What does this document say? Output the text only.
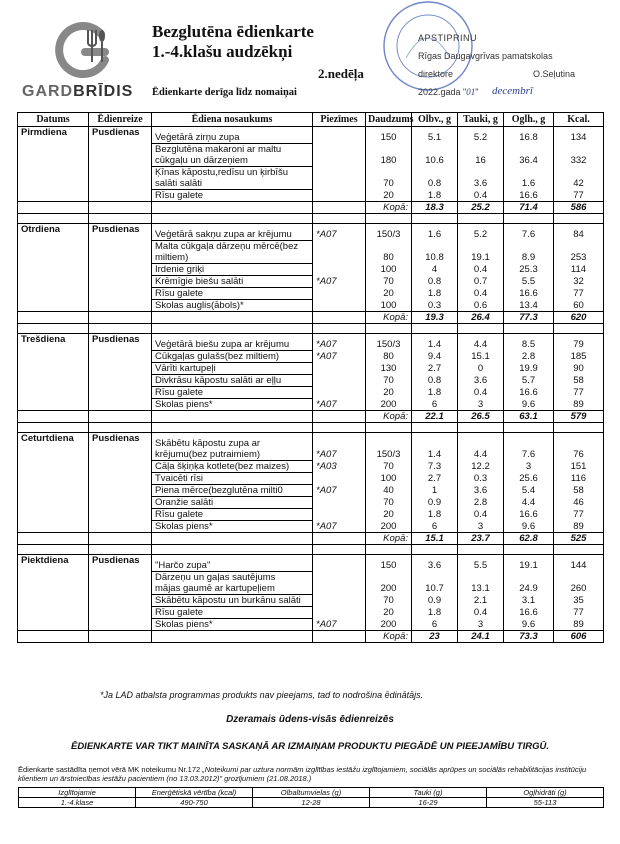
GARDBRĪDIS
Bezglutēna ēdienkarte
1.-4.klašu audzēkņi
2.nedēļa
Ēdienkarte derīga līdz nomaiņai
APSTIPRINU
Rīgas Daugavgrīvas pamatskolas
direktore	O.Seļutina
2022.gada "01" decembrī
Datums	Ēdienreize	Ēdiena nosaukums	Piezīmes	Daudzums	Olbv., g	Tauki, g	Oglh., g	Kcal.
Pirmdiena	Pusdienas	Veģetārā zirņu zupa		150	5.1	5.2	16.8	134

		Bezglutēna makaroni ar maltu
cūkgaļu un dārzeņiem		180	10.6	16	36.4	332

		Ķīnas kāpostu,redīsu un ķirbīšu
salāti salāti		70	0.8	3.6	1.6	42

		Rīsu galete		20	1.8	0.4	16.6	77

				Kopā:	18.3	25.2	71.4	586

Otrdiena	Pusdienas	Veģetārā sakņu zupa ar krējumu	*A07	150/3	1.6	5.2	7.6	84

		Malta cūkgaļa dārzeņu mērcē(bez
miltiem)		80	10.8	19.1	8.9	253

		Irdenie griķi		100	4	0.4	25.3	114

		Krēmīgie biešu salāti	*A07	70	0.8	0.7	5.5	32

		Rīsu galete		20	1.8	0.4	16.6	77

		Skolas auglis(ābols)*		100	0.3	0.6	13.4	60

				Kopā:	19.3	26.4	77.3	620

Trešdiena	Pusdienas	Veģetārā biešu zupa ar krējumu	*A07	150/3	1.4	4.4	8.5	79

		Cūkgaļas gulašs(bez miltiem)	*A07	80	9.4	15.1	2.8	185

		Vārīti kartupeļi		130	2.7	0	19.9	90

		Divkrāsu kāpostu salāti ar eļļu		70	0.8	3.6	5.7	58

		Rīsu galete		20	1.8	0.4	16.6	77

		Skolas piens*	*A07	200	6	3	9.6	89

				Kopā:	22.1	26.5	63.1	579

Ceturtdiena	Pusdienas	Skābētu kāpostu zupa ar
krējumu(bez putraimiem)	*A07	150/3	1.4	4.4	7.6	76

		Cāļa šķiņķa kotlete(bez maizes)	*A03	70	7.3	12.2	3	151

		Tvaicēti rīsi		100	2.7	0.3	25.6	116

		Piena mērce(bezglutēna milti0	*A07	40	1	3.6	5.4	58

		Oranžie salāti		70	0.9	2.8	4.4	46

		Rīsu galete		20	1.8	0.4	16.6	77

		Skolas piens*	*A07	200	6	3	9.6	89

				Kopā:	15.1	23.7	62.8	525

Piektdiena	Pusdienas	"Harčo zupa"		150	3.6	5.5	19.1	144

		Dārzeņu un gaļas sautējums
mājas gaumē ar kartupeļiem		200	10.7	13.1	24.9	260

		Skābētu kāpostu un burkānu salāti		70	0.9	2.1	3.1	35

		Rīsu galete		20	1.8	0.4	16.6	77

		Skolas piens*	*A07	200	6	3	9.6	89

				Kopā:	23	24.1	73.3	606
*Ja LAD atbalsta programmas produkts nav pieejams, tad to nodrošina ēdinātājs.
Dzeramais ūdens-visās ēdienreizēs
ĒDIENKARTE VAR TIKT MAINĪTA SASKAŅĀ AR IZMAIŅAM PRODUKTU PIEGĀDĒ UN PIEEJAMĪBU TIRGŪ.
Ēdienkarte sastādīta ņemot vērā MK noteikumu Nr.172 „Noteikumi par uztura normām izglītības iestāžu izglītojamiem, sociālās aprūpes un sociālās rehabilitācijas institūciju klientiem un ārstniecības iestāžu pacientiem (no 13.03.2012)" grozījumiem (21.08.2018.)
Izglītojamie	Enerģētiskā vērtība (kcal)	Olbaltumvielas (g)	Tauki (g)	Ogļhidrāti (g)
1.-4.klase	490-750	12-28	16-29	55-113
